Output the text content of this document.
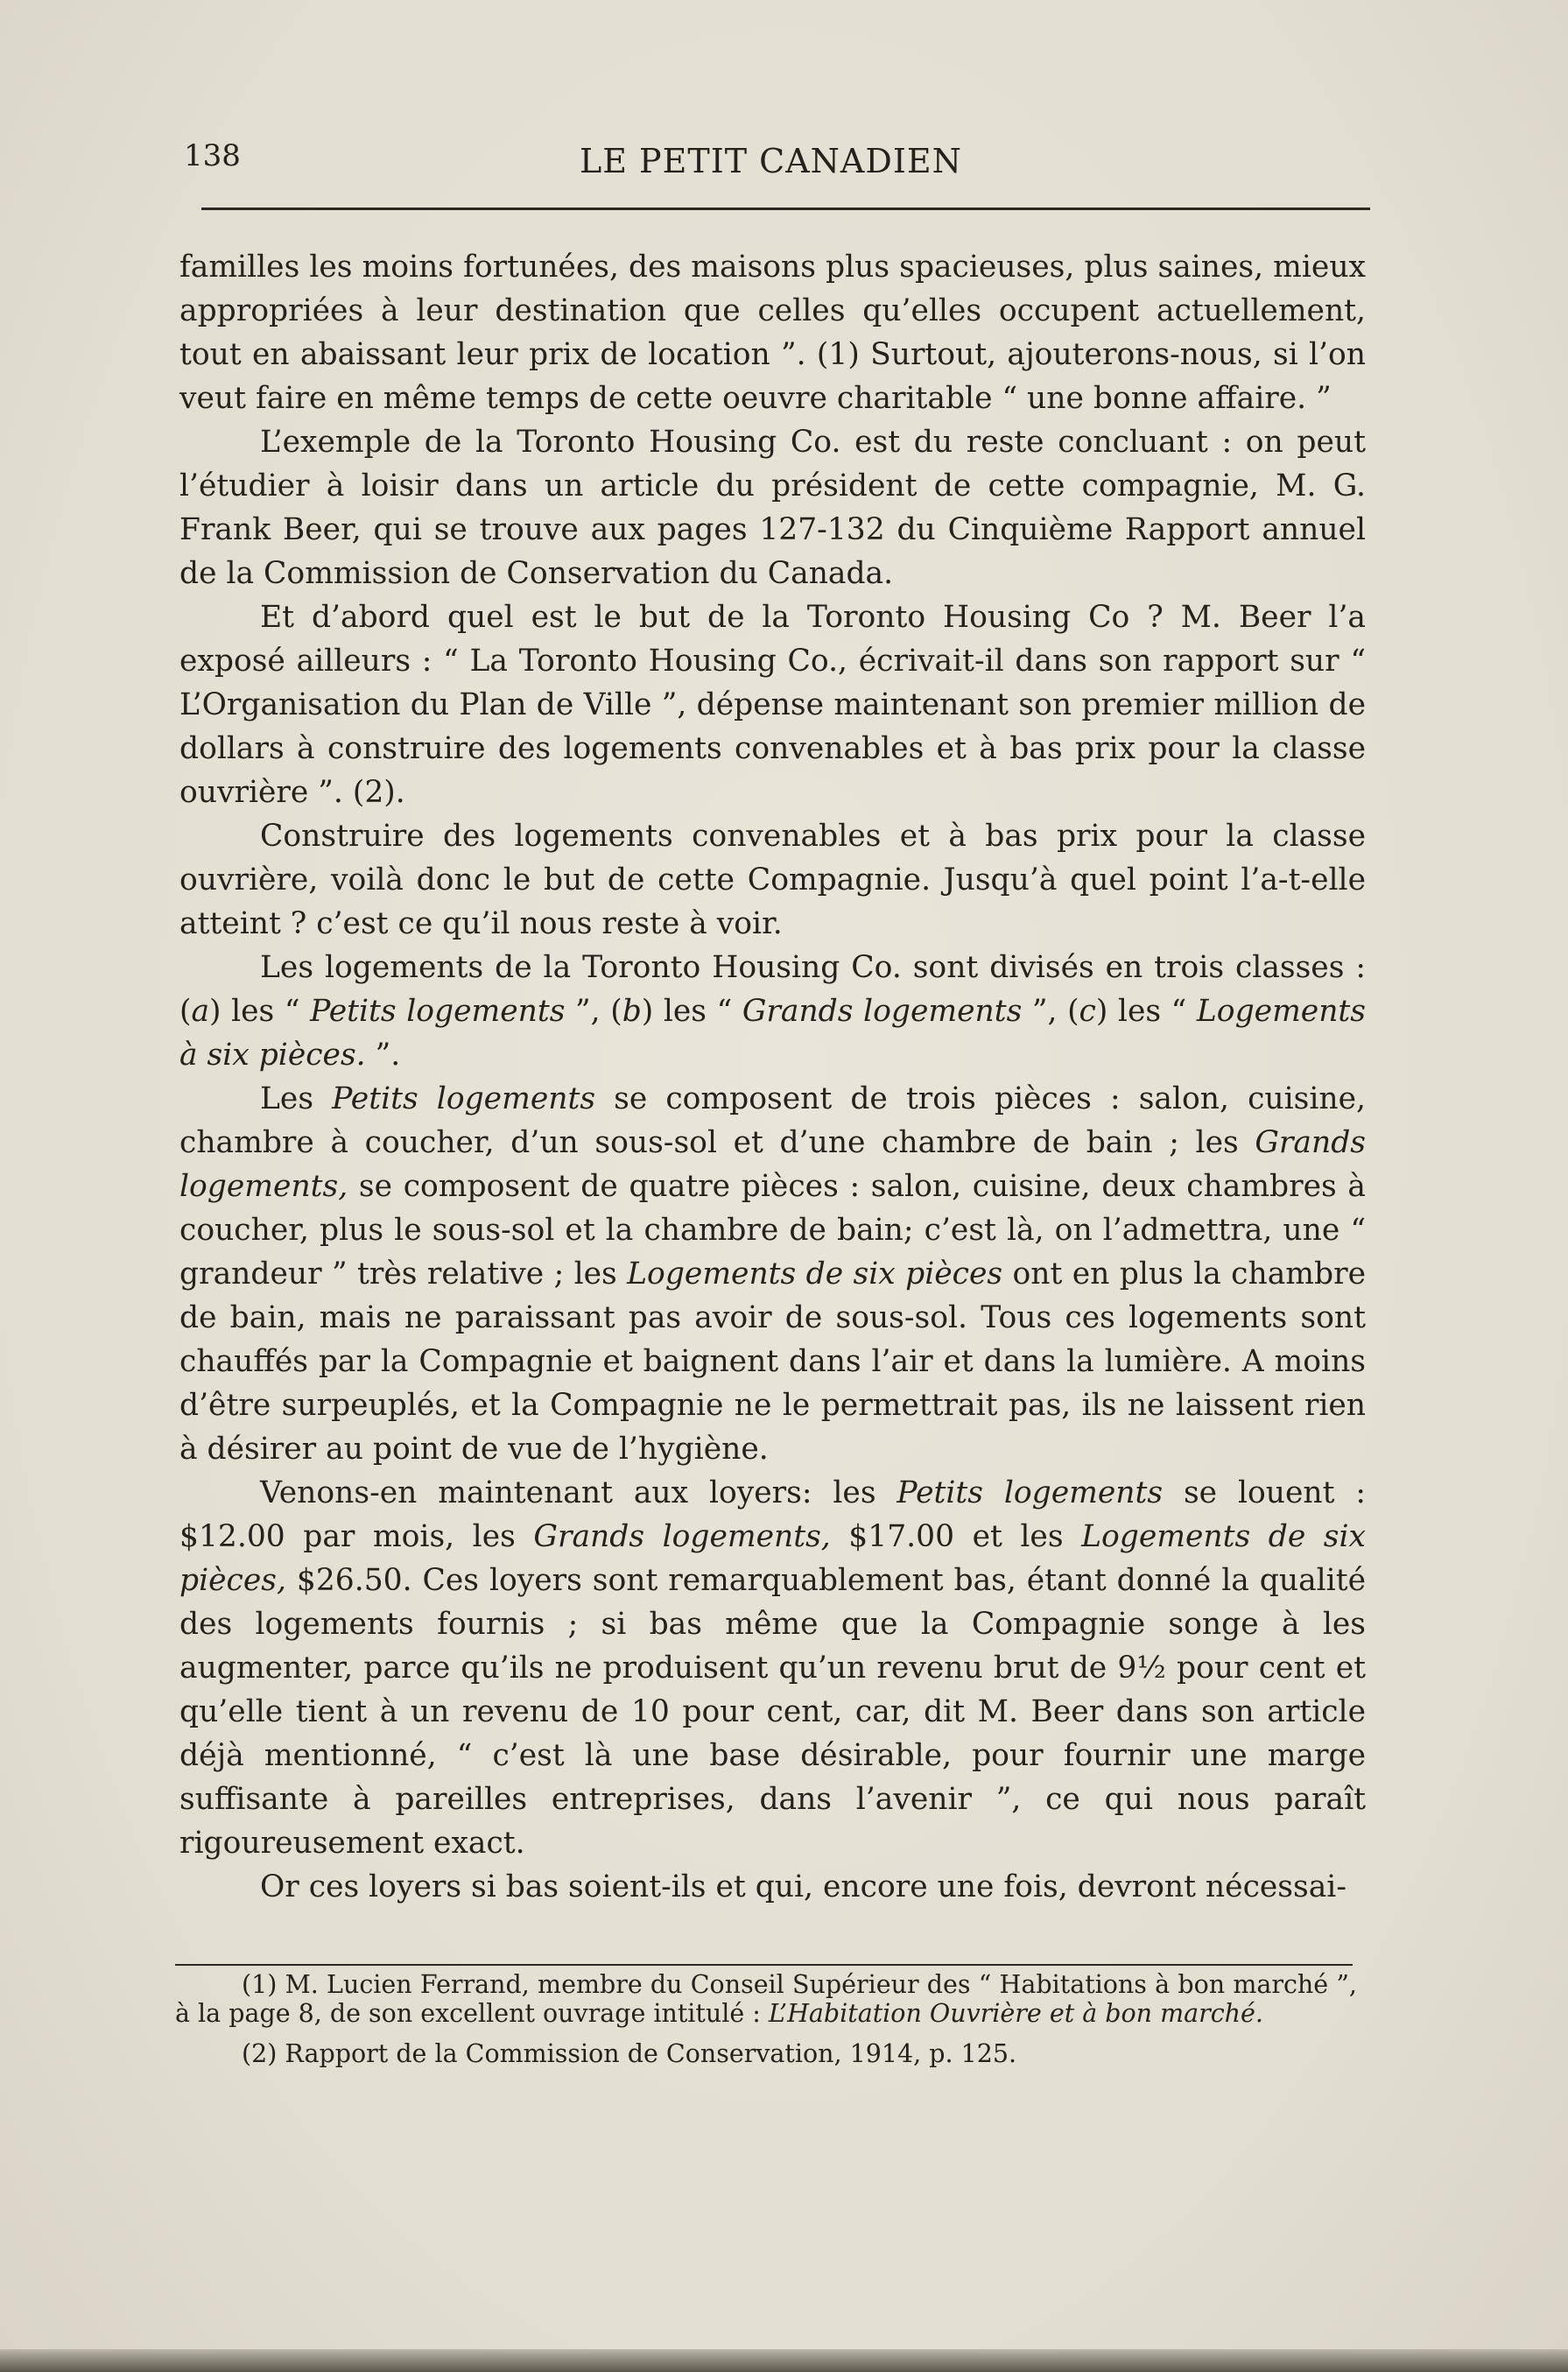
138	LE PETIT CANADIEN

familles les moins fortunées, des maisons plus spacieuses, plus saines, mieux appropriées à leur destination que celles qu’elles occupent actuellement, tout en abaissant leur prix de location ”. (1) Surtout, ajouterons-nous, si l’on veut faire en même temps de cette oeuvre charitable “ une bonne affaire. ”

L’exemple de la Toronto Housing Co. est du reste concluant : on peut l’étudier à loisir dans un article du président de cette compagnie, M. G. Frank Beer, qui se trouve aux pages 127-132 du Cinquième Rapport annuel de la Commission de Conservation du Canada.

Et d’abord quel est le but de la Toronto Housing Co ? M. Beer l’a exposé ailleurs : “ La Toronto Housing Co., écrivait-il dans son rapport sur “ L’Organisation du Plan de Ville ”, dépense maintenant son premier million de dollars à construire des logements convenables et à bas prix pour la classe ouvrière ”. (2).

Construire des logements convenables et à bas prix pour la classe ouvrière, voilà donc le but de cette Compagnie. Jusqu’à quel point l’a-t-elle atteint ? c’est ce qu’il nous reste à voir.

Les logements de la Toronto Housing Co. sont divisés en trois classes : (a) les “ Petits logements ”, (b) les “ Grands logements ”, (c) les “ Logements à six pièces. ”.

Les Petits logements se composent de trois pièces : salon, cuisine, chambre à coucher, d’un sous-sol et d’une chambre de bain ; les Grands logements, se composent de quatre pièces : salon, cuisine, deux chambres à coucher, plus le sous-sol et la chambre de bain; c’est là, on l’admettra, une “ grandeur ” très relative ; les Logements de six pièces ont en plus la chambre de bain, mais ne paraissant pas avoir de sous-sol. Tous ces logements sont chauffés par la Compagnie et baignent dans l’air et dans la lumière. A moins d’être surpeuplés, et la Compagnie ne le permettrait pas, ils ne laissent rien à désirer au point de vue de l’hygiène.

Venons-en maintenant aux loyers: les Petits logements se louent : $12.00 par mois, les Grands logements, $17.00 et les Logements de six pièces, $26.50. Ces loyers sont remarquablement bas, étant donné la qualité des logements fournis ; si bas même que la Compagnie songe à les augmenter, parce qu’ils ne produisent qu’un revenu brut de 9½ pour cent et qu’elle tient à un revenu de 10 pour cent, car, dit M. Beer dans son article déjà mentionné, “ c’est là une base désirable, pour fournir une marge suffisante à pareilles entreprises, dans l’avenir ”, ce qui nous paraît rigoureusement exact.

Or ces loyers si bas soient-ils et qui, encore une fois, devront nécessai-

(1) M. Lucien Ferrand, membre du Conseil Supérieur des “ Habitations à bon marché ”, à la page 8, de son excellent ouvrage intitulé : L’Habitation Ouvrière et à bon marché.

(2) Rapport de la Commission de Conservation, 1914, p. 125.
